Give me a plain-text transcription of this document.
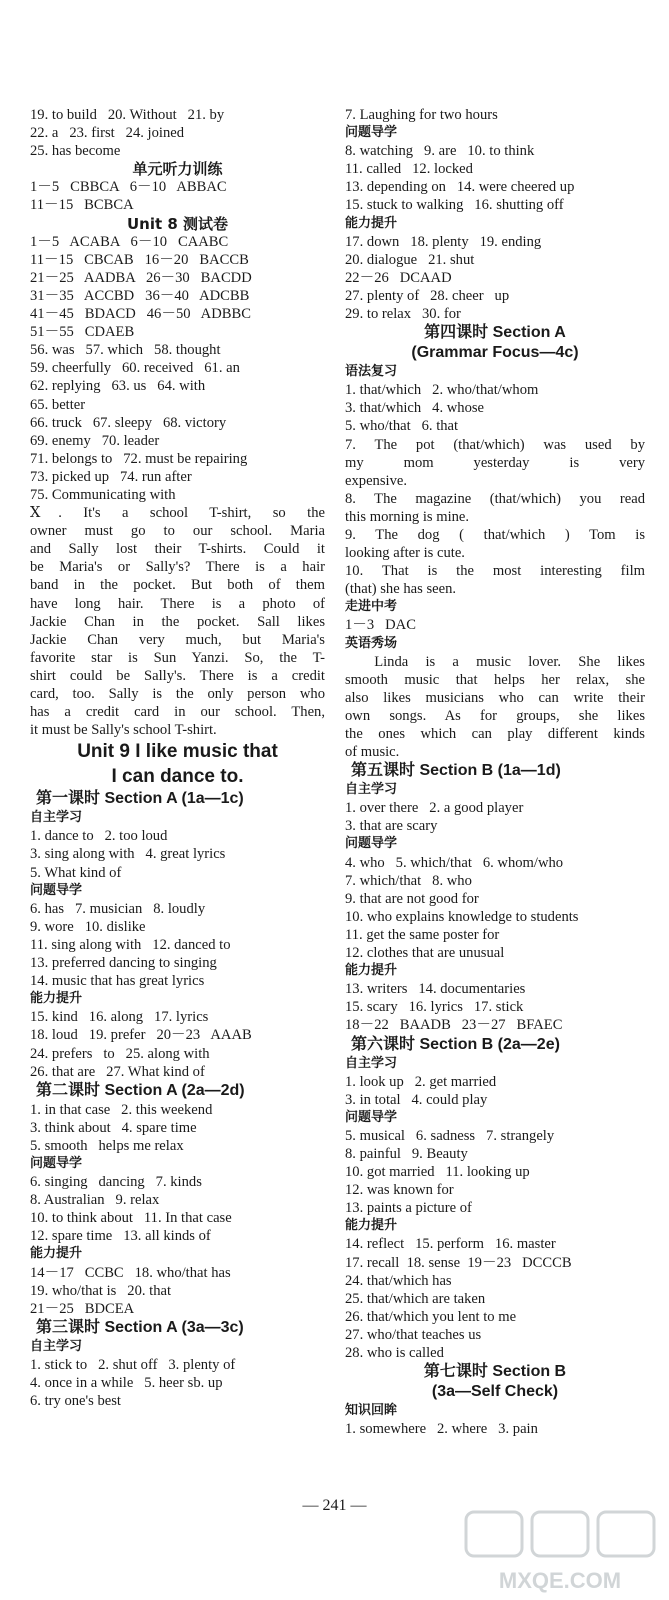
19. to build   20. Without   21. by
22. a   23. first   24. joined
25. has become
单元听力训练
1－5   CBBCA   6－10   ABBAC
11－15   BCBCA
Unit 8 测试卷
1－5   ACABA   6－10   CAABC
11－15   CBCAB   16－20   BACCB
21－25   AADBA   26－30   BACDD
31－35   ACCBD   36－40   ADCBB
41－45   BDACD   46－50   ADBBC
51－55   CDAEB
56. was   57. which   58. thought
59. cheerfully   60. received   61. an
62. replying   63. us   64. with
65. better
66. truck   67. sleepy   68. victory
69. enemy   70. leader
71. belongs to   72. must be repairing
73. picked up   74. run after
75. Communicating with
Ⅹ. It's a school T-shirt, so the
owner must go to our school. Maria
and Sally lost their T-shirts. Could it
be Maria's or Sally's? There is a hair
band in the pocket. But both of them
have long hair. There is a photo of
Jackie Chan in the pocket. Sall likes
Jackie Chan very much, but Maria's
favorite star is Sun Yanzi. So, the T-
shirt could be Sally's. There is a credit
card, too. Sally is the only person who
has a credit card in our school. Then,
it must be Sally's school T-shirt.
Unit 9 I like music that
I can dance to.
第一课时 Section A (1a—1c)
自主学习
1. dance to   2. too loud
3. sing along with   4. great lyrics
5. What kind of
问题导学
6. has   7. musician   8. loudly
9. wore   10. dislike
11. sing along with   12. danced to
13. preferred dancing to singing
14. music that has great lyrics
能力提升
15. kind   16. along   17. lyrics
18. loud   19. prefer   20－23   AAAB
24. prefers   to   25. along with
26. that are   27. What kind of
第二课时 Section A (2a—2d)
1. in that case   2. this weekend
3. think about   4. spare time
5. smooth   helps me relax
问题导学
6. singing   dancing   7. kinds
8. Australian   9. relax
10. to think about   11. In that case
12. spare time   13. all kinds of
能力提升
14－17   CCBC   18. who/that has
19. who/that is   20. that
21－25   BDCEA
第三课时 Section A (3a—3c)
自主学习
1. stick to   2. shut off   3. plenty of
4. once in a while   5. heer sb. up
6. try one's best
7. Laughing for two hours
问题导学
8. watching   9. are   10. to think
11. called   12. locked
13. depending on   14. were cheered up
15. stuck to walking   16. shutting off
能力提升
17. down   18. plenty   19. ending
20. dialogue   21. shut
22－26   DCAAD
27. plenty of   28. cheer   up
29. to relax   30. for
第四课时 Section A
(Grammar Focus—4c)
语法复习
1. that/which   2. who/that/whom
3. that/which   4. whose
5. who/that   6. that
7. The pot (that/which) was used by
my mom yesterday is very
expensive.
8. The magazine (that/which) you read
this morning is mine.
9. The dog ( that/which ) Tom is
looking after is cute.
10. That is the most interesting film
(that) she has seen.
走进中考
1－3   DAC
英语秀场
Linda is a music lover. She likes
smooth music that helps her relax, she
also likes musicians who can write their
own songs. As for groups, she likes
the ones which can play different kinds
of music.
第五课时 Section B (1a—1d)
自主学习
1. over there   2. a good player
3. that are scary
问题导学
4. who   5. which/that   6. whom/who
7. which/that   8. who
9. that are not good for
10. who explains knowledge to students
11. get the same poster for
12. clothes that are unusual
能力提升
13. writers   14. documentaries
15. scary   16. lyrics   17. stick
18－22   BAADB   23－27   BFAEC
第六课时 Section B (2a—2e)
自主学习
1. look up   2. get married
3. in total   4. could play
问题导学
5. musical   6. sadness   7. strangely
8. painful   9. Beauty
10. got married   11. looking up
12. was known for
13. paints a picture of
能力提升
14. reflect   15. perform   16. master
17. recall  18. sense  19－23   DCCCB
24. that/which has
25. that/which are taken
26. that/which you lent to me
27. who/that teaches us
28. who is called
第七课时 Section B
(3a—Self Check)
知识回眸
1. somewhere   2. where   3. pain
— 241 —
MXQE.COM
